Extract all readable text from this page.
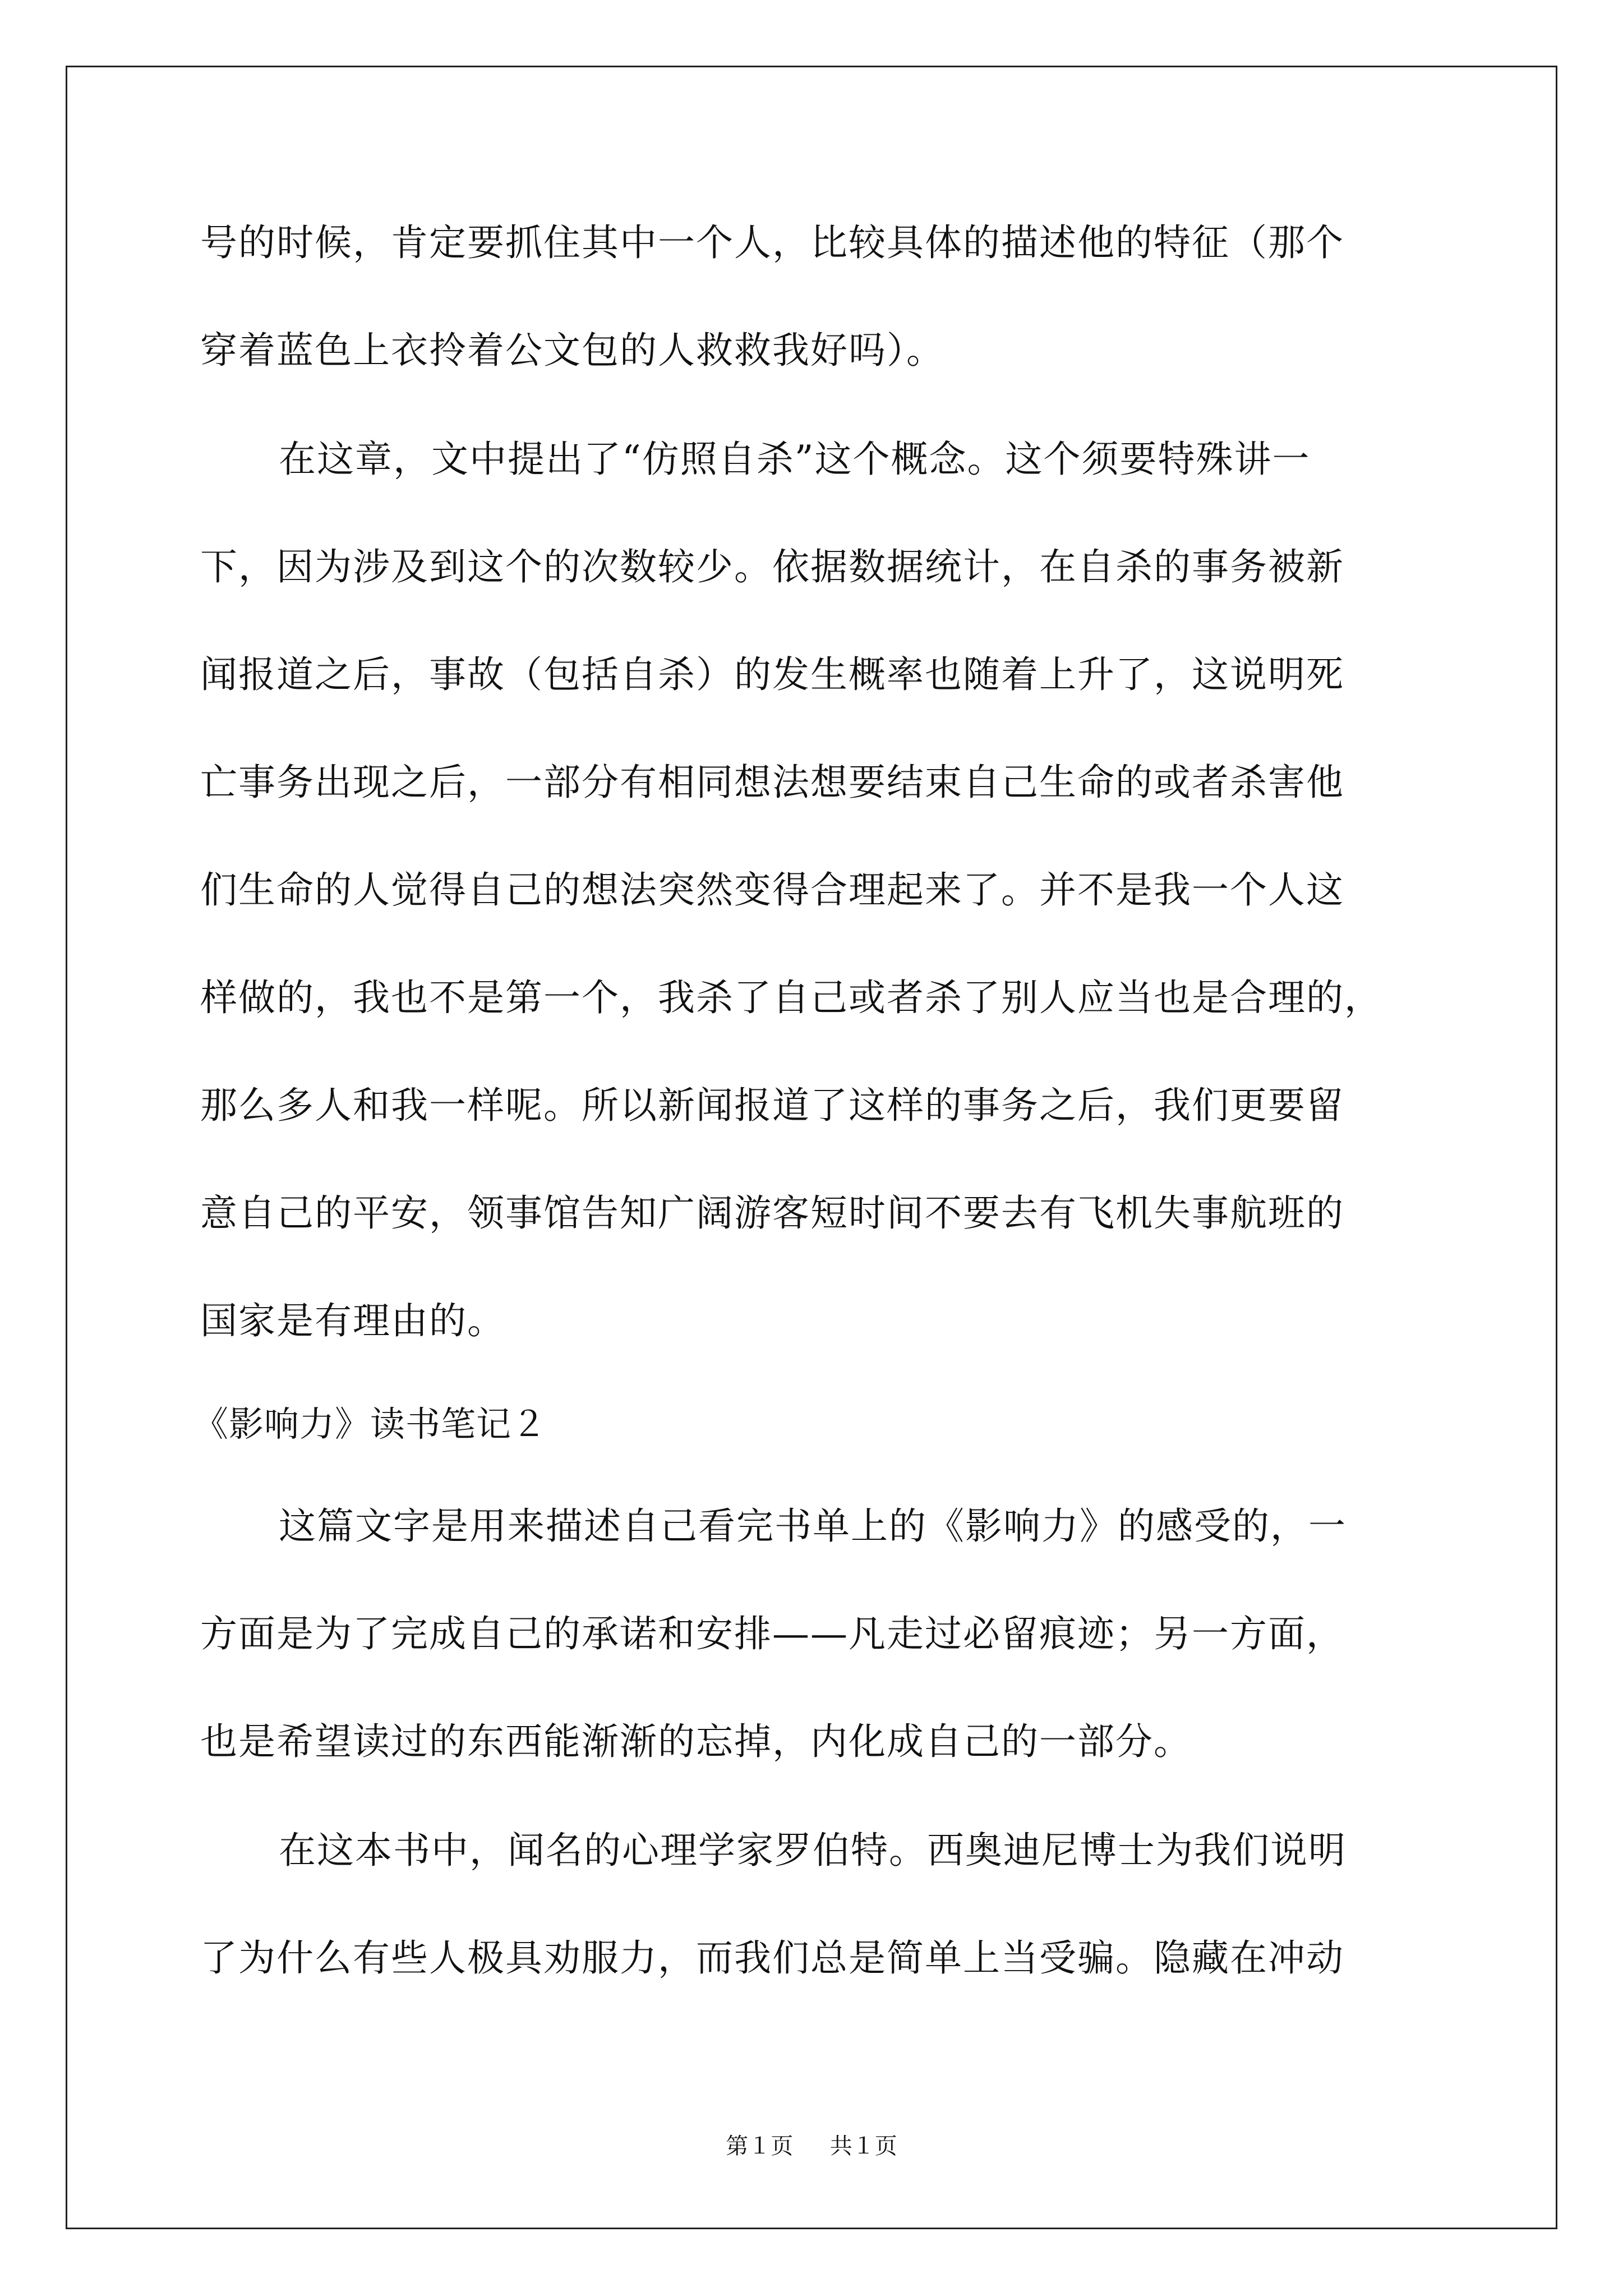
号的时候，肯定要抓住其中一个人，比较具体的描述他的特征（那个
穿着蓝色上衣拎着公文包的人救救我好吗）。
在这章，文中提出了“仿照自杀”这个概念。这个须要特殊讲一
下，因为涉及到这个的次数较少。依据数据统计，在自杀的事务被新
闻报道之后，事故（包括自杀）的发生概率也随着上升了，这说明死
亡事务出现之后，一部分有相同想法想要结束自己生命的或者杀害他
们生命的人觉得自己的想法突然变得合理起来了。并不是我一个人这
样做的，我也不是第一个，我杀了自己或者杀了别人应当也是合理的，
那么多人和我一样呢。所以新闻报道了这样的事务之后，我们更要留
意自己的平安，领事馆告知广阔游客短时间不要去有飞机失事航班的
国家是有理由的。
《影响力》读书笔记２
这篇文字是用来描述自己看完书单上的《影响力》的感受的，一
方面是为了完成自己的承诺和安排——凡走过必留痕迹；另一方面，
也是希望读过的东西能渐渐的忘掉，内化成自己的一部分。
在这本书中，闻名的心理学家罗伯特。西奥迪尼博士为我们说明
了为什么有些人极具劝服力，而我们总是简单上当受骗。隐藏在冲动
第１页 共１页
